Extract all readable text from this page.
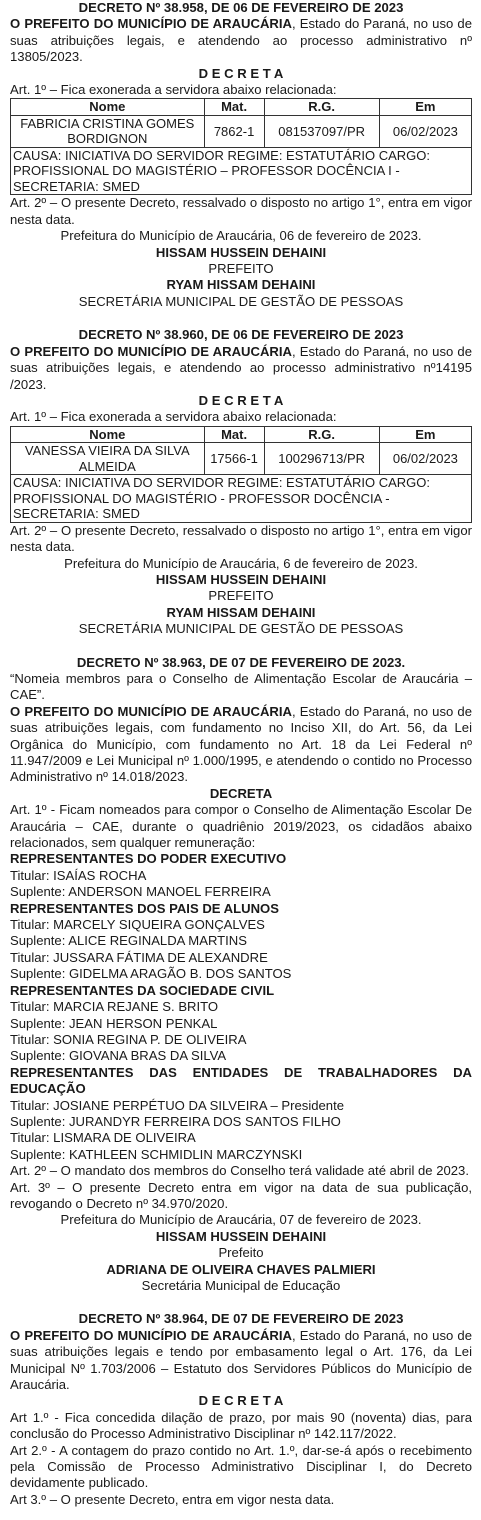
DECRETO Nº 38.958, DE 06 DE FEVEREIRO DE 2023

O PREFEITO DO MUNICÍPIO DE ARAUCÁRIA, Estado do Paraná, no uso de suas atribuições legais, e atendendo ao processo administrativo nº 13805/2023.

D E C R E T A

Art. 1º – Fica exonerada a servidora abaixo relacionada:

Nome	Mat.	R.G.	Em
FABRICIA CRISTINA GOMES BORDIGNON	7862-1	081537097/PR	06/02/2023
CAUSA: INICIATIVA DO SERVIDOR REGIME: ESTATUTÁRIO CARGO: PROFISSIONAL DO MAGISTÉRIO – PROFESSOR DOCÊNCIA I - SECRETARIA: SMED			

Art. 2º – O presente Decreto, ressalvado o disposto no artigo 1°, entra em vigor nesta data.

Prefeitura do Município de Araucária, 06 de fevereiro de 2023.

HISSAM HUSSEIN DEHAINI

PREFEITO

RYAM HISSAM DEHAINI

SECRETÁRIA MUNICIPAL DE GESTÃO DE PESSOAS

DECRETO Nº 38.960, DE 06 DE FEVEREIRO DE 2023

O PREFEITO DO MUNICÍPIO DE ARAUCÁRIA, Estado do Paraná, no uso de suas atribuições legais, e atendendo ao processo administrativo nº14195 /2023.

D E C R E T A

Art. 1º – Fica exonerada a servidora abaixo relacionada:

Nome	Mat.	R.G.	Em
VANESSA VIEIRA DA SILVA ALMEIDA	17566-1	100296713/PR	06/02/2023
CAUSA: INICIATIVA DO SERVIDOR REGIME: ESTATUTÁRIO CARGO: PROFISSIONAL DO MAGISTÉRIO - PROFESSOR DOCÊNCIA - SECRETARIA: SMED			

Art. 2º – O presente Decreto, ressalvado o disposto no artigo 1°, entra em vigor nesta data.

Prefeitura do Município de Araucária, 6 de fevereiro de 2023.

HISSAM HUSSEIN DEHAINI

PREFEITO

RYAM HISSAM DEHAINI

SECRETÁRIA MUNICIPAL DE GESTÃO DE PESSOAS

DECRETO Nº 38.963, DE 07 DE FEVEREIRO DE 2023.

“Nomeia membros para o Conselho de Alimentação Escolar de Araucária – CAE”.

O PREFEITO DO MUNICÍPIO DE ARAUCÁRIA, Estado do Paraná, no uso de suas atribuições legais, com fundamento no Inciso XII, do Art. 56, da Lei Orgânica do Município, com fundamento no Art. 18 da Lei Federal nº 11.947/2009 e Lei Municipal nº 1.000/1995, e atendendo o contido no Processo Administrativo nº 14.018/2023.

DECRETA

Art. 1º - Ficam nomeados para compor o Conselho de Alimentação Escolar De Araucária – CAE, durante o quadriênio 2019/2023, os cidadãos abaixo relacionados, sem qualquer remuneração:

REPRESENTANTES DO PODER EXECUTIVO

Titular: ISAÍAS ROCHA

Suplente: ANDERSON MANOEL FERREIRA

REPRESENTANTES DOS PAIS DE ALUNOS

Titular: MARCELY SIQUEIRA GONÇALVES

Suplente: ALICE REGINALDA MARTINS

Titular: JUSSARA FÁTIMA DE ALEXANDRE

Suplente: GIDELMA ARAGÃO B. DOS SANTOS

REPRESENTANTES DA SOCIEDADE CIVIL

Titular: MARCIA REJANE S. BRITO

Suplente: JEAN HERSON PENKAL

Titular: SONIA REGINA P. DE OLIVEIRA

Suplente: GIOVANA BRAS DA SILVA

REPRESENTANTES DAS ENTIDADES DE TRABALHADORES DA EDUCAÇÃO

Titular: JOSIANE PERPÉTUO DA SILVEIRA – Presidente

Suplente: JURANDYR FERREIRA DOS SANTOS FILHO

Titular: LISMARA DE OLIVEIRA

Suplente: KATHLEEN SCHMIDLIN MARCZYNSKI

Art. 2º – O mandato dos membros do Conselho terá validade até abril de 2023.

Art. 3º – O presente Decreto entra em vigor na data de sua publicação, revogando o Decreto nº 34.970/2020.

Prefeitura do Município de Araucária, 07 de fevereiro de 2023.

HISSAM HUSSEIN DEHAINI

Prefeito

ADRIANA DE OLIVEIRA CHAVES PALMIERI

Secretária Municipal de Educação

DECRETO Nº 38.964, DE 07 DE FEVEREIRO DE 2023

O PREFEITO DO MUNICÍPIO DE ARAUCÁRIA, Estado do Paraná, no uso de suas atribuições legais e tendo por embasamento legal o Art. 176, da Lei Municipal Nº 1.703/2006 – Estatuto dos Servidores Públicos do Município de Araucária.

D E C R E T A

Art 1.º - Fica concedida dilação de prazo, por mais 90 (noventa) dias, para conclusão do Processo Administrativo Disciplinar nº 142.117/2022.

Art 2.º - A contagem do prazo contido no Art. 1.º, dar-se-á após o recebimento pela Comissão de Processo Administrativo Disciplinar I, do Decreto devidamente publicado.

Art 3.º – O presente Decreto, entra em vigor nesta data.
